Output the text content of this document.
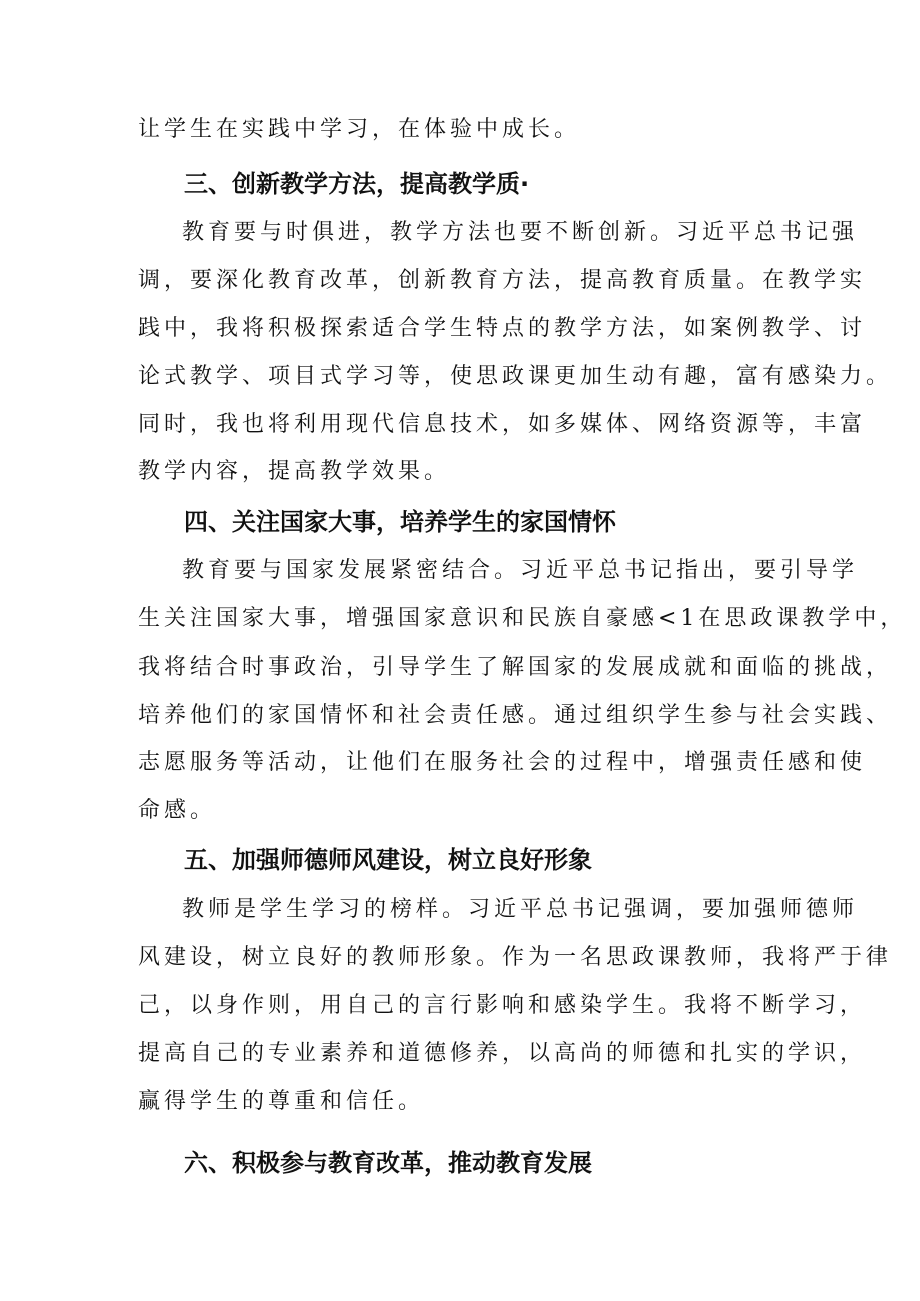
让学生在实践中学习，在体验中成长。

三、创新教学方法，提高教学质·

教育要与时俱进，教学方法也要不断创新。习近平总书记强

调，要深化教育改革，创新教育方法，提高教育质量。在教学实

践中，我将积极探索适合学生特点的教学方法，如案例教学、讨

论式教学、项目式学习等，使思政课更加生动有趣，富有感染力。

同时，我也将利用现代信息技术，如多媒体、网络资源等，丰富

教学内容，提高教学效果。

四、关注国家大事，培养学生的家国情怀

教育要与国家发展紧密结合。习近平总书记指出，要引导学

生关注国家大事，增强国家意识和民族自豪感<1在思政课教学中，

我将结合时事政治，引导学生了解国家的发展成就和面临的挑战，

培养他们的家国情怀和社会责任感。通过组织学生参与社会实践、

志愿服务等活动，让他们在服务社会的过程中，增强责任感和使

命感。

五、加强师德师风建设，树立良好形象

教师是学生学习的榜样。习近平总书记强调，要加强师德师

风建设，树立良好的教师形象。作为一名思政课教师，我将严于律

己，以身作则，用自己的言行影响和感染学生。我将不断学习，

提高自己的专业素养和道德修养，以高尚的师德和扎实的学识，

赢得学生的尊重和信任。

六、积极参与教育改革，推动教育发展
